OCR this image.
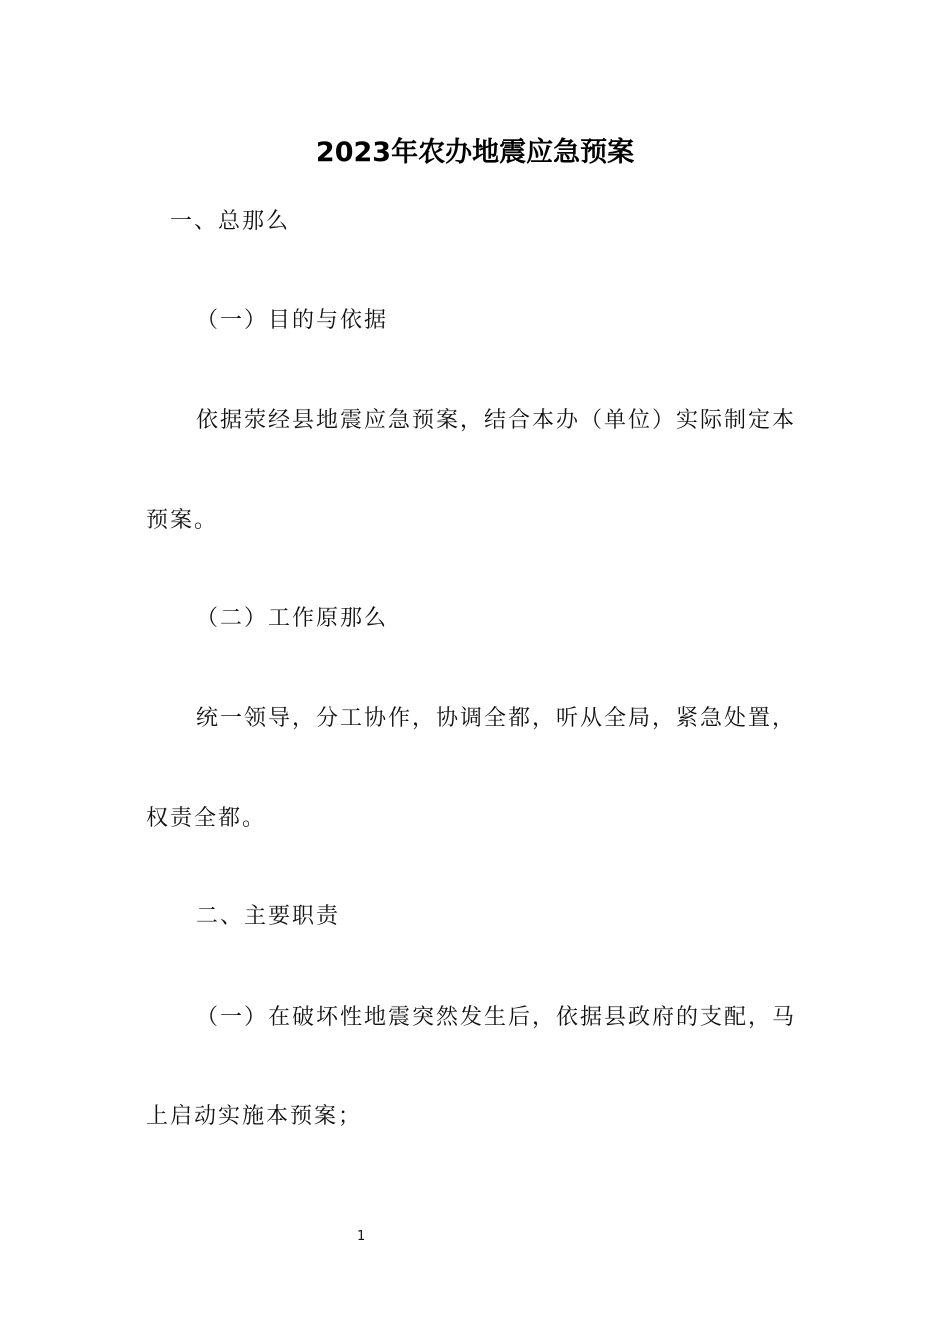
2023年农办地震应急预案
一、总那么
（一）目的与依据
依据荥经县地震应急预案，结合本办（单位）实际制定本
预案。
（二）工作原那么
统一领导，分工协作，协调全都，听从全局，紧急处置，
权责全都。
二、主要职责
（一）在破坏性地震突然发生后，依据县政府的支配，马
上启动实施本预案；
1
